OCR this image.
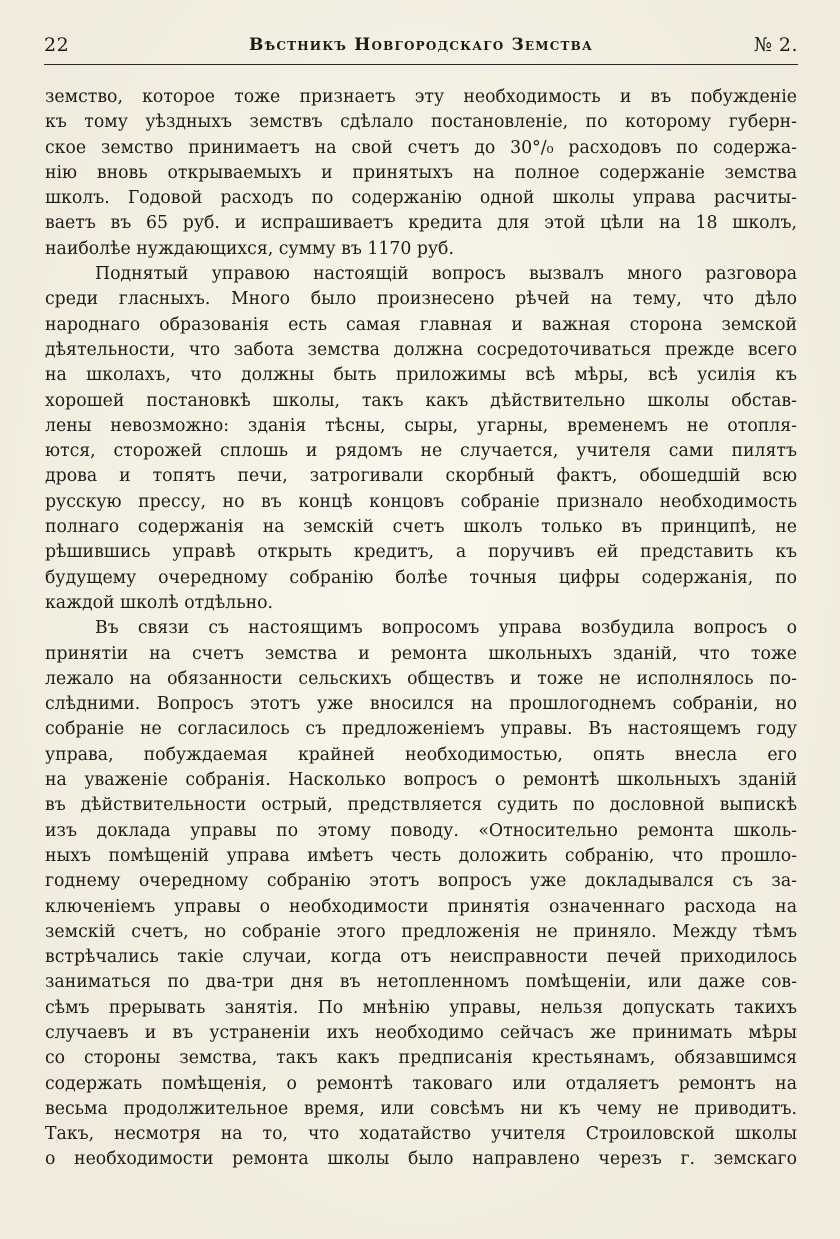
22	Вѣстникъ Новгородскаго Земства	№ 2.
земство, которое тоже признаетъ эту необходимость и въ побужденіе
къ тому уѣздныхъ земствъ сдѣлало постановленіе, по которому губерн-
ское земство принимаетъ на свой счетъ до 30°/₀ расходовъ по содержа-
нію вновь открываемыхъ и принятыхъ на полное содержаніе земства
школъ. Годовой расходъ по содержанію одной школы управа расчиты-
ваетъ въ 65 руб. и испрашиваетъ кредита для этой цѣли на 18 школъ,
наиболѣе нуждающихся, сумму въ 1170 руб.
Поднятый управою настоящій вопросъ вызвалъ много разговора
среди гласныхъ. Много было произнесено рѣчей на тему, что дѣло
народнаго образованія есть самая главная и важная сторона земской
дѣятельности, что забота земства должна сосредоточиваться прежде всего
на школахъ, что должны быть приложимы всѣ мѣры, всѣ усилія къ
хорошей постановкѣ школы, такъ какъ дѣйствительно школы обстав-
лены невозможно: зданія тѣсны, сыры, угарны, временемъ не отопля-
ются, сторожей сплошь и рядомъ не случается, учителя сами пилятъ
дрова и топятъ печи, затрогивали скорбный фактъ, обошедшій всю
русскую прессу, но въ концѣ концовъ собраніе признало необходимость
полнаго содержанія на земскій счетъ школъ только въ принципѣ, не
рѣшившись управѣ открыть кредитъ, а поручивъ ей представить къ
будущему очередному собранію болѣе точныя цифры содержанія, по
каждой школѣ отдѣльно.
Въ связи съ настоящимъ вопросомъ управа возбудила вопросъ о
принятіи на счетъ земства и ремонта школьныхъ зданій, что тоже
лежало на обязанности сельскихъ обществъ и тоже не исполнялось по-
слѣдними. Вопросъ этотъ уже вносился на прошлогоднемъ собраніи, но
собраніе не согласилось съ предложеніемъ управы. Въ настоящемъ году
управа, побуждаемая крайней необходимостью, опять внесла его
на уваженіе собранія. Насколько вопросъ о ремонтѣ школьныхъ зданій
въ дѣйствительности острый, предствляется судить по дословной выпискѣ
изъ доклада управы по этому поводу. «Относительно ремонта школь-
ныхъ помѣщеній управа имѣетъ честь доложить собранію, что прошло-
годнему очередному собранію этотъ вопросъ уже докладывался съ за-
ключеніемъ управы о необходимости принятія означеннаго расхода на
земскій счетъ, но собраніе этого предложенія не приняло. Между тѣмъ
встрѣчались такіе случаи, когда отъ неисправности печей приходилось
заниматься по два-три дня въ нетопленномъ помѣщеніи, или даже сов-
сѣмъ прерывать занятія. По мнѣнію управы, нельзя допускать такихъ
случаевъ и въ устраненіи ихъ необходимо сейчасъ же принимать мѣры
со стороны земства, такъ какъ предписанія крестьянамъ, обязавшимся
содержать помѣщенія, о ремонтѣ таковаго или отдаляетъ ремонтъ на
весьма продолжительное время, или совсѣмъ ни къ чему не приводитъ.
Такъ, несмотря на то, что ходатайство учителя Строиловской школы
о необходимости ремонта школы было направлено черезъ г. земскаго
